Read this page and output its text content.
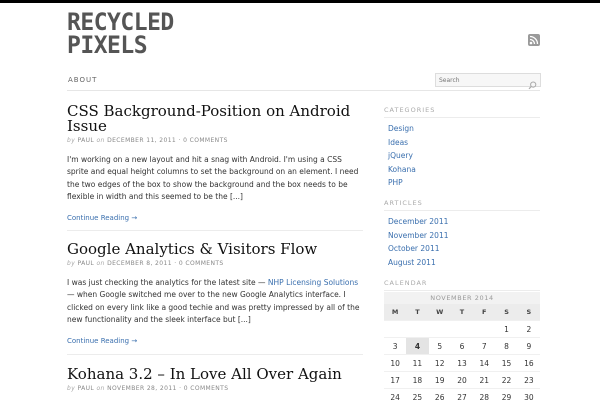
RECYCLED
PIXELS
ABOUT
Search
CSS Background-Position on Android Issue
by PAUL on DECEMBER 11, 2011 · 0 COMMENTS
I'm working on a new layout and hit a snag with Android. I'm using a CSS sprite and equal height columns to set the background on an element. I need the two edges of the box to show the background and the box needs to be flexible in width and this seemed to be the [...]
Continue Reading →
Google Analytics & Visitors Flow
by PAUL on DECEMBER 8, 2011 · 0 COMMENTS
I was just checking the analytics for the latest site — NHP Licensing Solutions — when Google switched me over to the new Google Analytics interface. I clicked on every link like a good techie and was pretty impressed by all of the new functionality and the sleek interface but [...]
Continue Reading →
Kohana 3.2 – In Love All Over Again
by PAUL on NOVEMBER 28, 2011 · 0 COMMENTS
CATEGORIES
Design
Ideas
jQuery
Kohana
PHP
ARTICLES
December 2011
November 2011
October 2011
August 2011
CALENDAR
NOVEMBER 2014
M	T	W	T	F	S	S
					1	2
3	4	5	6	7	8	9
10	11	12	13	14	15	16
17	18	19	20	21	22	23
24	25	26	27	28	29	30
